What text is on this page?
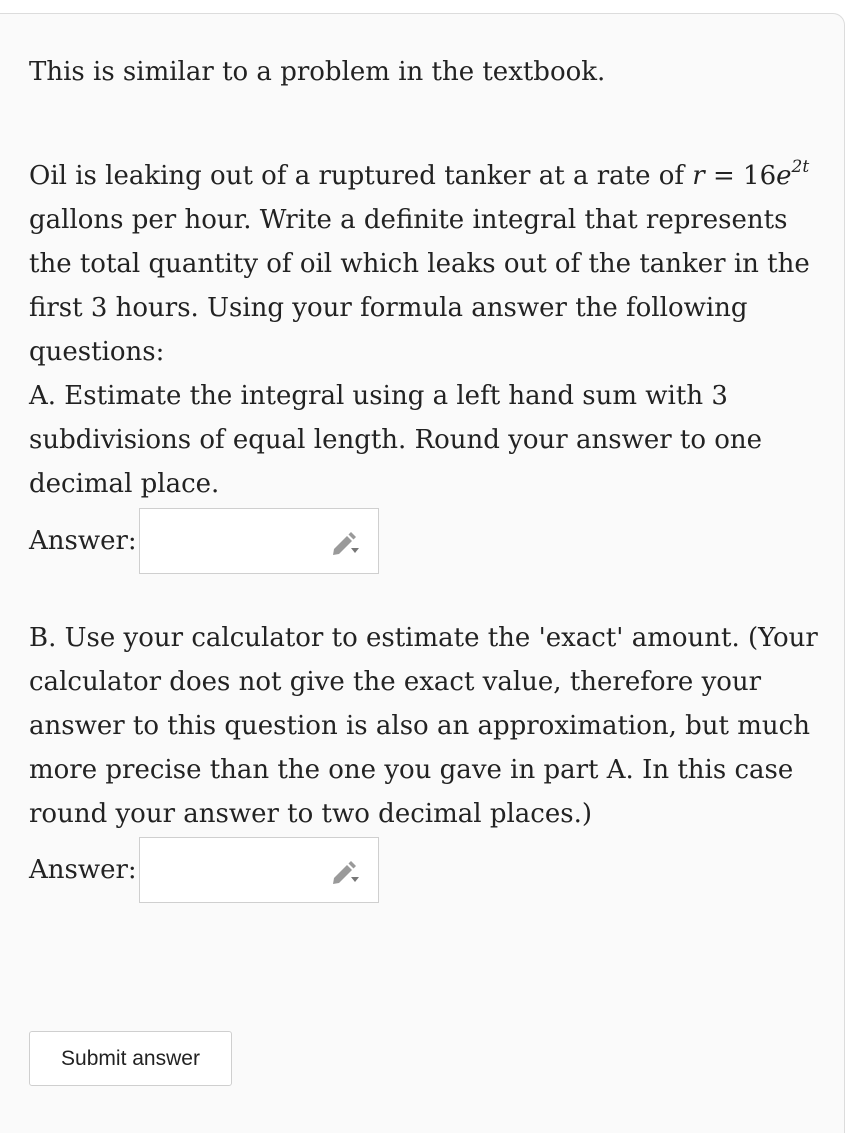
This is similar to a problem in the textbook.

Oil is leaking out of a ruptured tanker at a rate of $r = 16e^{2t}$ gallons per hour. Write a definite integral that represents the total quantity of oil which leaks out of the tanker in the first 3 hours. Using your formula answer the following questions:

A. Estimate the integral using a left hand sum with 3 subdivisions of equal length. Round your answer to one decimal place.

Answer:

B. Use your calculator to estimate the 'exact' amount. (Your calculator does not give the exact value, therefore your answer to this question is also an approximation, but much more precise than the one you gave in part A. In this case round your answer to two decimal places.)

Answer:
Submit answer
